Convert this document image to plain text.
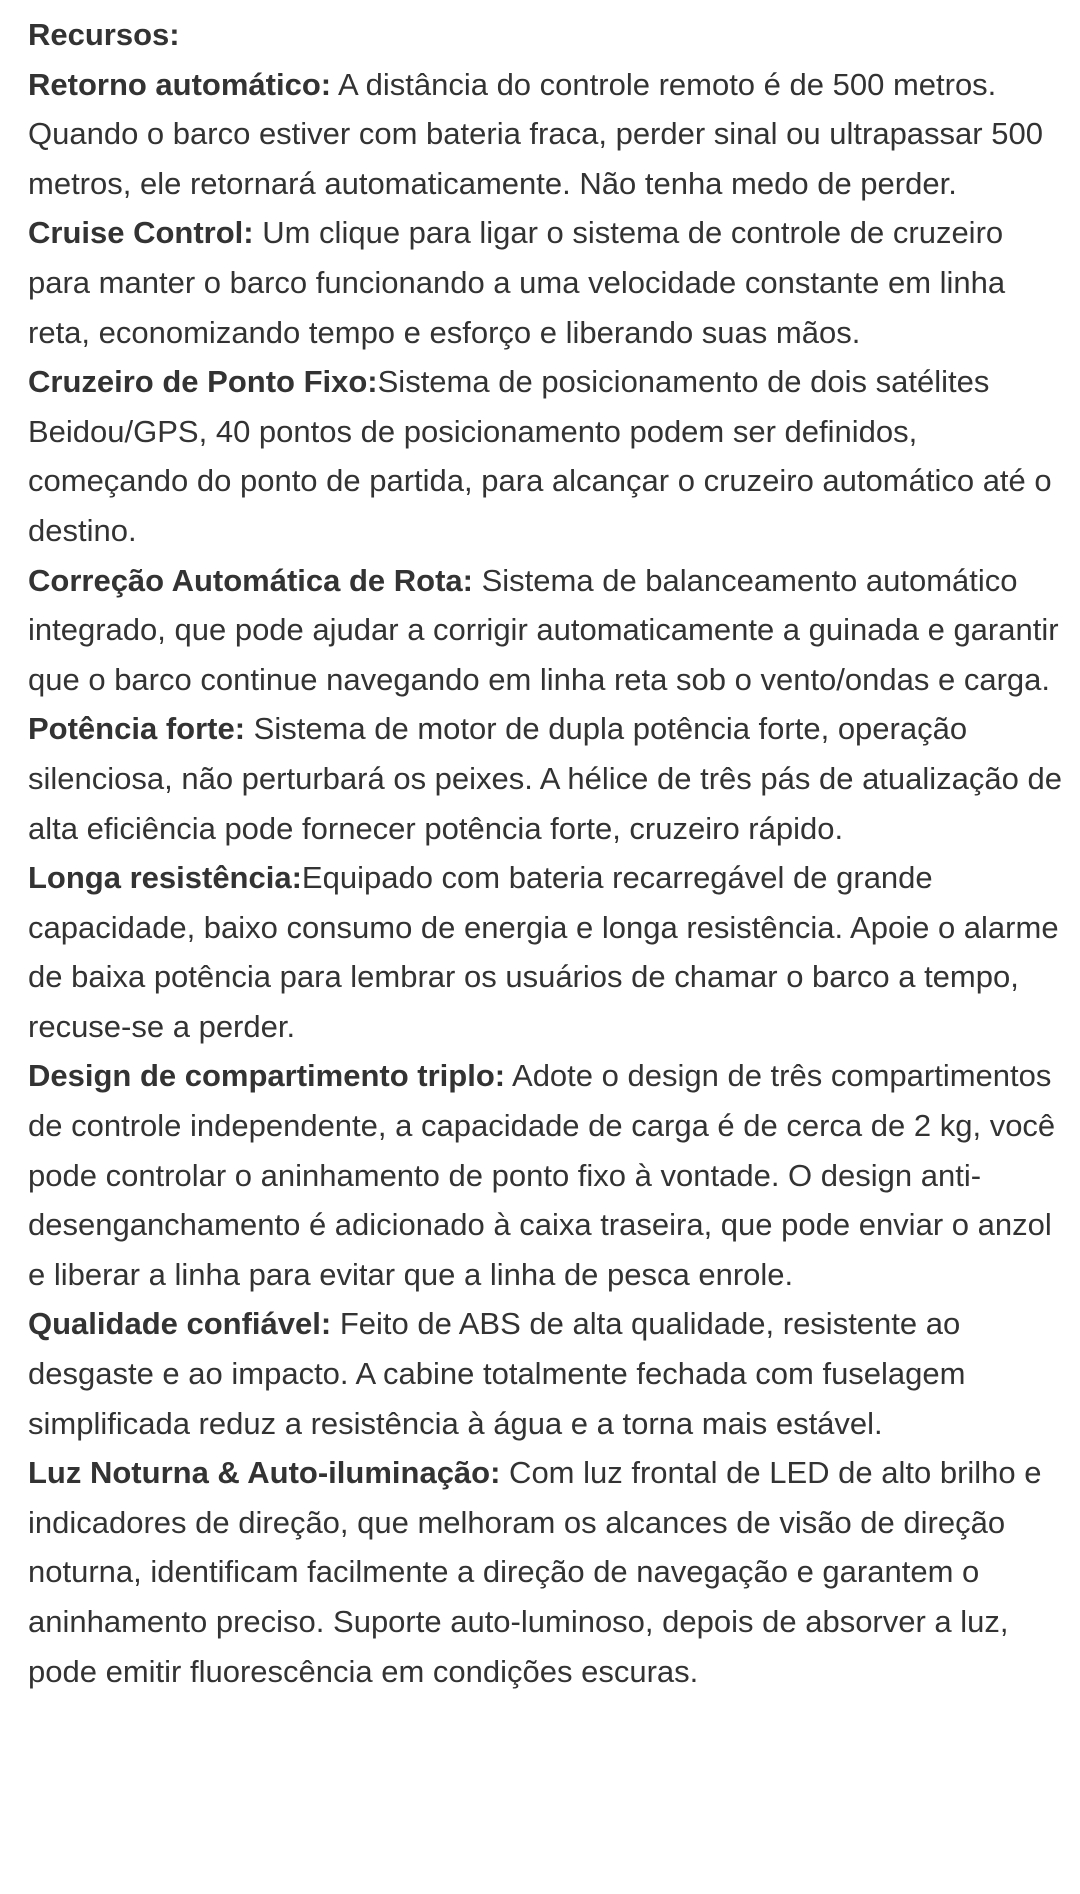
Recursos:

Retorno automático: A distância do controle remoto é de 500 metros. Quando o barco estiver com bateria fraca, perder sinal ou ultrapassar 500 metros, ele retornará automaticamente. Não tenha medo de perder.

Cruise Control: Um clique para ligar o sistema de controle de cruzeiro para manter o barco funcionando a uma velocidade constante em linha reta, economizando tempo e esforço e liberando suas mãos.

Cruzeiro de Ponto Fixo:Sistema de posicionamento de dois satélites Beidou/GPS, 40 pontos de posicionamento podem ser definidos, começando do ponto de partida, para alcançar o cruzeiro automático até o destino.

Correção Automática de Rota: Sistema de balanceamento automático integrado, que pode ajudar a corrigir automaticamente a guinada e garantir que o barco continue navegando em linha reta sob o vento/ondas e carga.

Potência forte: Sistema de motor de dupla potência forte, operação silenciosa, não perturbará os peixes. A hélice de três pás de atualização de alta eficiência pode fornecer potência forte, cruzeiro rápido.

Longa resistência:Equipado com bateria recarregável de grande capacidade, baixo consumo de energia e longa resistência. Apoie o alarme de baixa potência para lembrar os usuários de chamar o barco a tempo, recuse-se a perder.

Design de compartimento triplo: Adote o design de três compartimentos de controle independente, a capacidade de carga é de cerca de 2 kg, você pode controlar o aninhamento de ponto fixo à vontade. O design anti-desenganchamento é adicionado à caixa traseira, que pode enviar o anzol e liberar a linha para evitar que a linha de pesca enrole.

Qualidade confiável: Feito de ABS de alta qualidade, resistente ao desgaste e ao impacto. A cabine totalmente fechada com fuselagem simplificada reduz a resistência à água e a torna mais estável.

Luz Noturna & Auto-iluminação: Com luz frontal de LED de alto brilho e indicadores de direção, que melhoram os alcances de visão de direção noturna, identificam facilmente a direção de navegação e garantem o aninhamento preciso. Suporte auto-luminoso, depois de absorver a luz, pode emitir fluorescência em condições escuras.
